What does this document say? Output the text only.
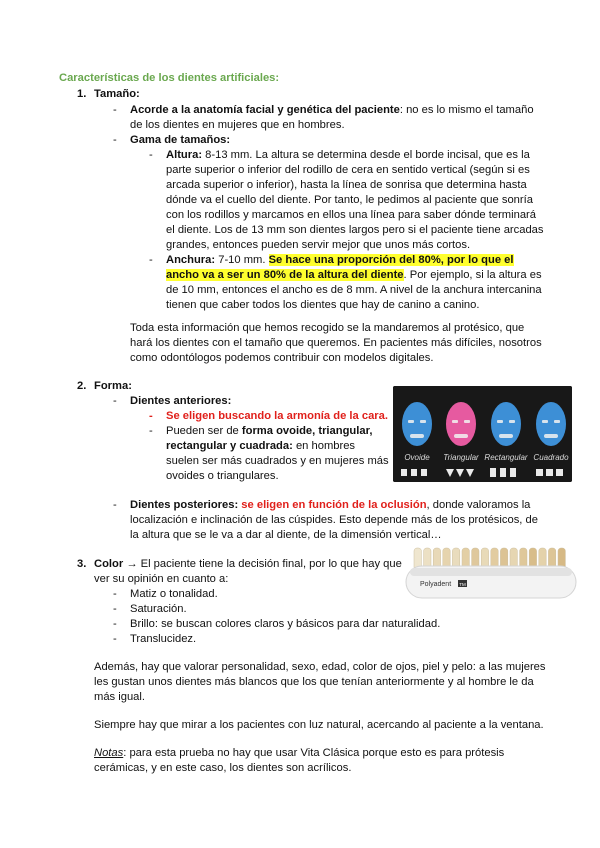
Características de los dientes artificiales:
1. Tamaño:
- Acorde a la anatomía facial y genética del paciente: no es lo mismo el tamaño
de los dientes en mujeres que en hombres.
- Gama de tamaños:
- Altura: 8-13 mm. La altura se determina desde el borde incisal, que es la
parte superior o inferior del rodillo de cera en sentido vertical (según si es
arcada superior o inferior), hasta la línea de sonrisa que determina hasta
dónde va el cuello del diente. Por tanto, le pedimos al paciente que sonría
con los rodillos y marcamos en ellos una línea para saber dónde terminará
el diente. Los de 13 mm son dientes largos pero si el paciente tiene arcadas
grandes, entonces pueden servir mejor que unos más cortos.
- Anchura: 7-10 mm. Se hace una proporción del 80%, por lo que el
ancho va a ser un 80% de la altura del diente. Por ejemplo, si la altura es
de 10 mm, entonces el ancho es de 8 mm. A nivel de la anchura intercanina
tienen que caber todos los dientes que hay de canino a canino.
Toda esta información que hemos recogido se la mandaremos al protésico, que
hará los dientes con el tamaño que queremos. En pacientes más difíciles, nosotros
como odontólogos podemos contribuir con modelos digitales.
2. Forma:
- Dientes anteriores:
- Se eligen buscando la armonía de la cara.
- Pueden ser de forma ovoide, triangular,
rectangular y cuadrada: en hombres
suelen ser más cuadrados y en mujeres más
ovoides o triangulares.
Ovoide Triangular Rectangular Cuadrado
- Dientes posteriores: se eligen en función de la oclusión, donde valoramos la
localización e inclinación de las cúspides. Esto depende más de los protésicos, de
la altura que se le va a dar al diente, de la dimensión vertical…
3. Color → El paciente tiene la decisión final, por lo que hay que
ver su opinión en cuanto a:
- Matiz o tonalidad.
- Saturación.
- Brillo: se buscan colores claros y básicos para dar naturalidad.
- Translucidez.
Polyadent TM
Además, hay que valorar personalidad, sexo, edad, color de ojos, piel y pelo: a las mujeres
les gustan unos dientes más blancos que los que tenían anteriormente y al hombre le da
más igual.
Siempre hay que mirar a los pacientes con luz natural, acercando al paciente a la ventana.
Notas: para esta prueba no hay que usar Vita Clásica porque esto es para prótesis
cerámicas, y en este caso, los dientes son acrílicos.
